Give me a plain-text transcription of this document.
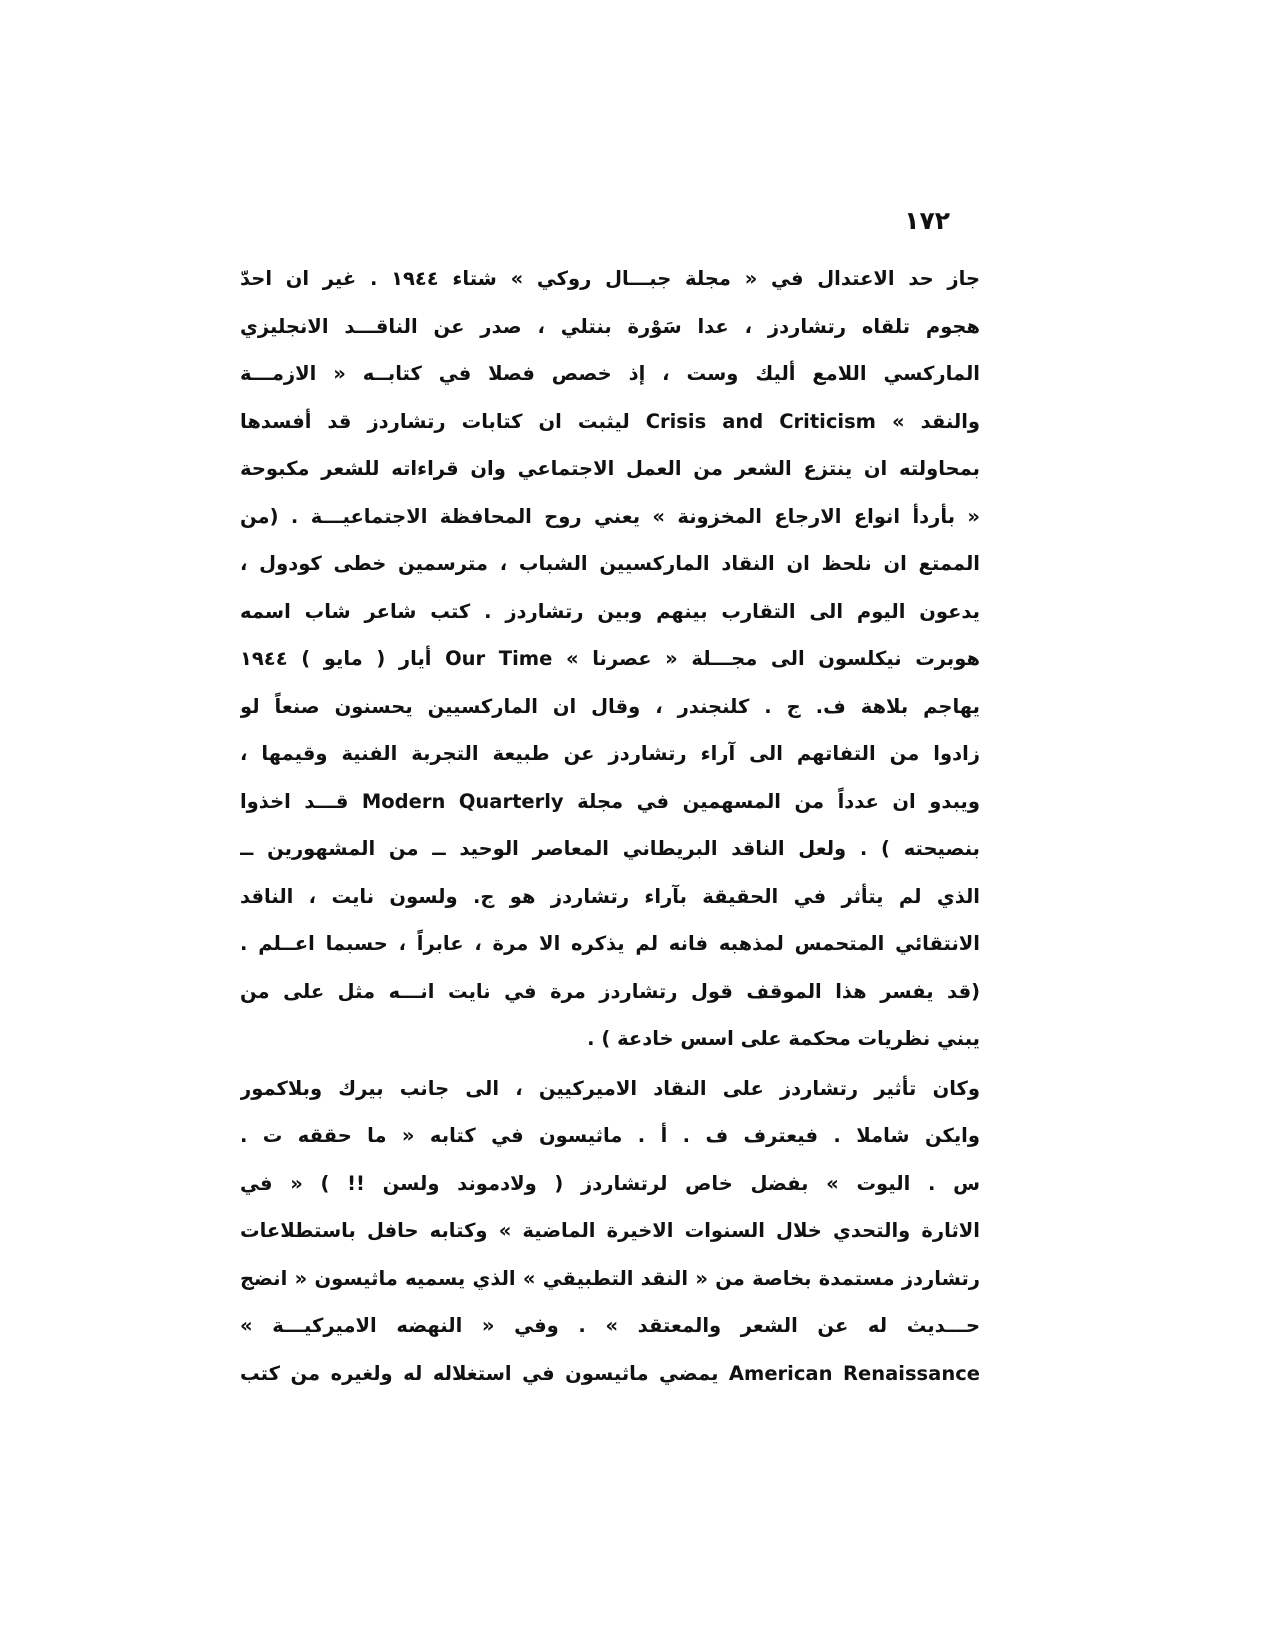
١٧٢
جاز حد الاعتدال في « مجلة جبـــال روكي » شتاء ١٩٤٤ . غير ان احدّ
هجوم تلقاه رتشاردز ، عدا سَوْرة بنتلي ، صدر عن الناقـــد الانجليزي
الماركسي اللامع أليك وست ، إذ خصص فصلا في كتابــه « الازمـــة
والنقد » Crisis and Criticism ليثبت ان كتابات رتشاردز قد أفسدها
بمحاولته ان ينتزع الشعر من العمل الاجتماعي وان قراءاته للشعر مكبوحة
« بأردأ انواع الارجاع المخزونة » يعني روح المحافظة الاجتماعيـــة . (من
الممتع ان نلحظ ان النقاد الماركسيين الشباب ، مترسمين خطى كودول ،
يدعون اليوم الى التقارب بينهم وبين رتشاردز . كتب شاعر شاب اسمه
هوبرت نيكلسون الى مجـــلة « عصرنا » Our Time أيار ( مايو ) ١٩٤٤
يهاجم بلاهة ف. ج . كلنجندر ، وقال ان الماركسيين يحسنون صنعاً لو
زادوا من التفاتهم الى آراء رتشاردز عن طبيعة التجربة الفنية وقيمها ،
ويبدو ان عدداً من المسهمين في مجلة Modern Quarterly قـــد اخذوا
بنصيحته ) . ولعل الناقد البريطاني المعاصر الوحيد ــ من المشهورين ــ
الذي لم يتأثر في الحقيقة بآراء رتشاردز هو ج. ولسون نايت ، الناقد
الانتقائي المتحمس لمذهبه فانه لم يذكره الا مرة ، عابراً ، حسبما اعــلم .
(قد يفسر هذا الموقف قول رتشاردز مرة في نايت انـــه مثل على من
يبني نظريات محكمة على اسس خادعة ) .
وكان تأثير رتشاردز على النقاد الاميركيين ، الى جانب بيرك وبلاكمور
وايكن شاملا . فيعترف ف . أ . ماثيسون في كتابه « ما حققه ت .
س . اليوت » بفضل خاص لرتشاردز ( ولادموند ولسن !! ) « في
الاثارة والتحدي خلال السنوات الاخيرة الماضية » وكتابه حافل باستطلاعات
رتشاردز مستمدة بخاصة من « النقد التطبيقي » الذي يسميه ماثيسون « انضج
حـــديث له عن الشعر والمعتقد » . وفي « النهضه الاميركيـــة »
American Renaissance يمضي ماثيسون في استغلاله له ولغيره من كتب
